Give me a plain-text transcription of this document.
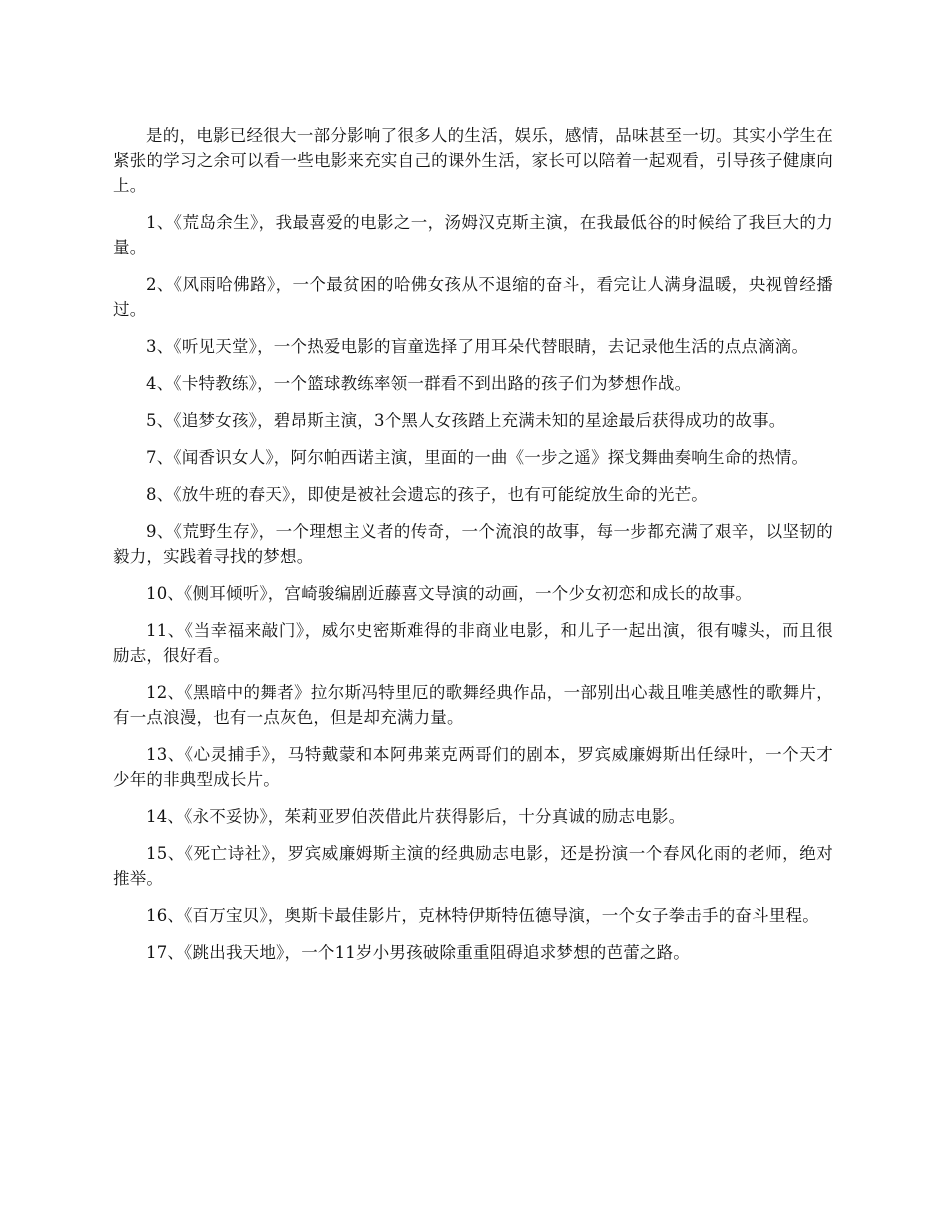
是的，电影已经很大一部分影响了很多人的生活，娱乐，感情，品味甚至一切。其实小学生在紧张的学习之余可以看一些电影来充实自己的课外生活，家长可以陪着一起观看，引导孩子健康向上。

1、《荒岛余生》，我最喜爱的电影之一，汤姆汉克斯主演，在我最低谷的时候给了我巨大的力量。

2、《风雨哈佛路》，一个最贫困的哈佛女孩从不退缩的奋斗，看完让人满身温暖，央视曾经播过。

3、《听见天堂》，一个热爱电影的盲童选择了用耳朵代替眼睛，去记录他生活的点点滴滴。

4、《卡特教练》，一个篮球教练率领一群看不到出路的孩子们为梦想作战。

5、《追梦女孩》，碧昂斯主演，3个黑人女孩踏上充满未知的星途最后获得成功的故事。

7、《闻香识女人》，阿尔帕西诺主演，里面的一曲《一步之遥》探戈舞曲奏响生命的热情。

8、《放牛班的春天》，即使是被社会遗忘的孩子，也有可能绽放生命的光芒。

9、《荒野生存》，一个理想主义者的传奇，一个流浪的故事，每一步都充满了艰辛，以坚韧的毅力，实践着寻找的梦想。

10、《侧耳倾听》，宫崎骏编剧近藤喜文导演的动画，一个少女初恋和成长的故事。

11、《当幸福来敲门》，威尔史密斯难得的非商业电影，和儿子一起出演，很有噱头，而且很励志，很好看。

12、《黑暗中的舞者》拉尔斯冯特里厄的歌舞经典作品，一部别出心裁且唯美感性的歌舞片，有一点浪漫，也有一点灰色，但是却充满力量。

13、《心灵捕手》，马特戴蒙和本阿弗莱克两哥们的剧本，罗宾威廉姆斯出任绿叶，一个天才少年的非典型成长片。

14、《永不妥协》，茱莉亚罗伯茨借此片获得影后，十分真诚的励志电影。

15、《死亡诗社》，罗宾威廉姆斯主演的经典励志电影，还是扮演一个春风化雨的老师，绝对推举。

16、《百万宝贝》，奥斯卡最佳影片，克林特伊斯特伍德导演，一个女子拳击手的奋斗里程。

17、《跳出我天地》，一个11岁小男孩破除重重阻碍追求梦想的芭蕾之路。
